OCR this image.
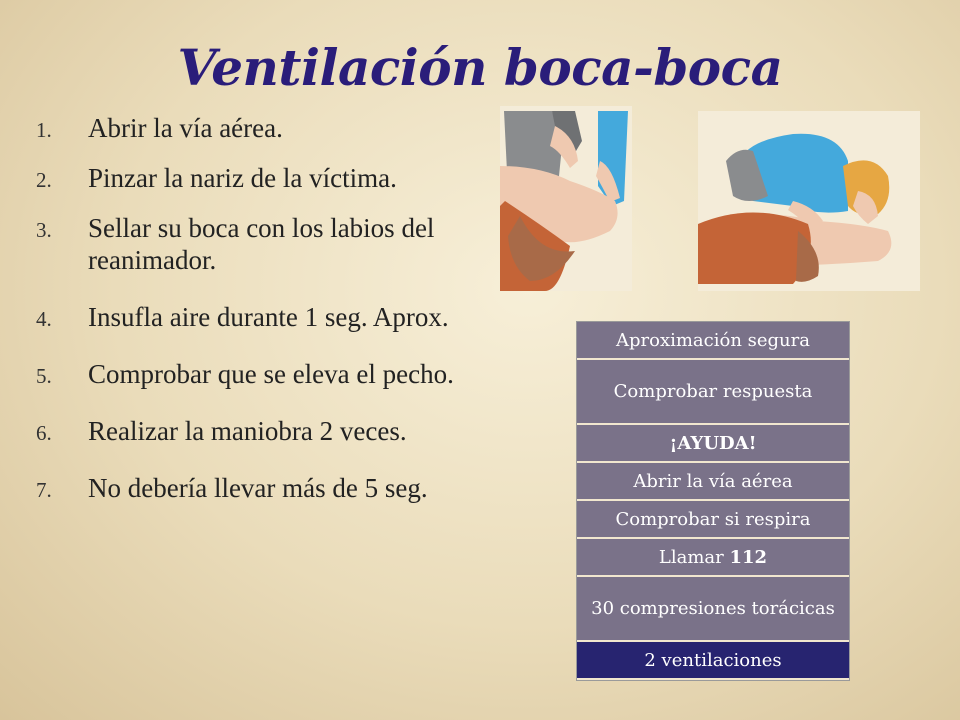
Ventilación boca-boca
1. Abrir la vía aérea.
2. Pinzar la nariz de la víctima.
3. Sellar su boca con los labios del reanimador.
4. Insufla aire durante 1 seg. Aprox.
5. Comprobar que se eleva el pecho.
6. Realizar la maniobra 2 veces.
7. No debería llevar más de 5 seg.
Aproximación segura
Comprobar respuesta
¡AYUDA!
Abrir la vía aérea
Comprobar si respira
Llamar 112
30 compresiones torácicas
2 ventilaciones
